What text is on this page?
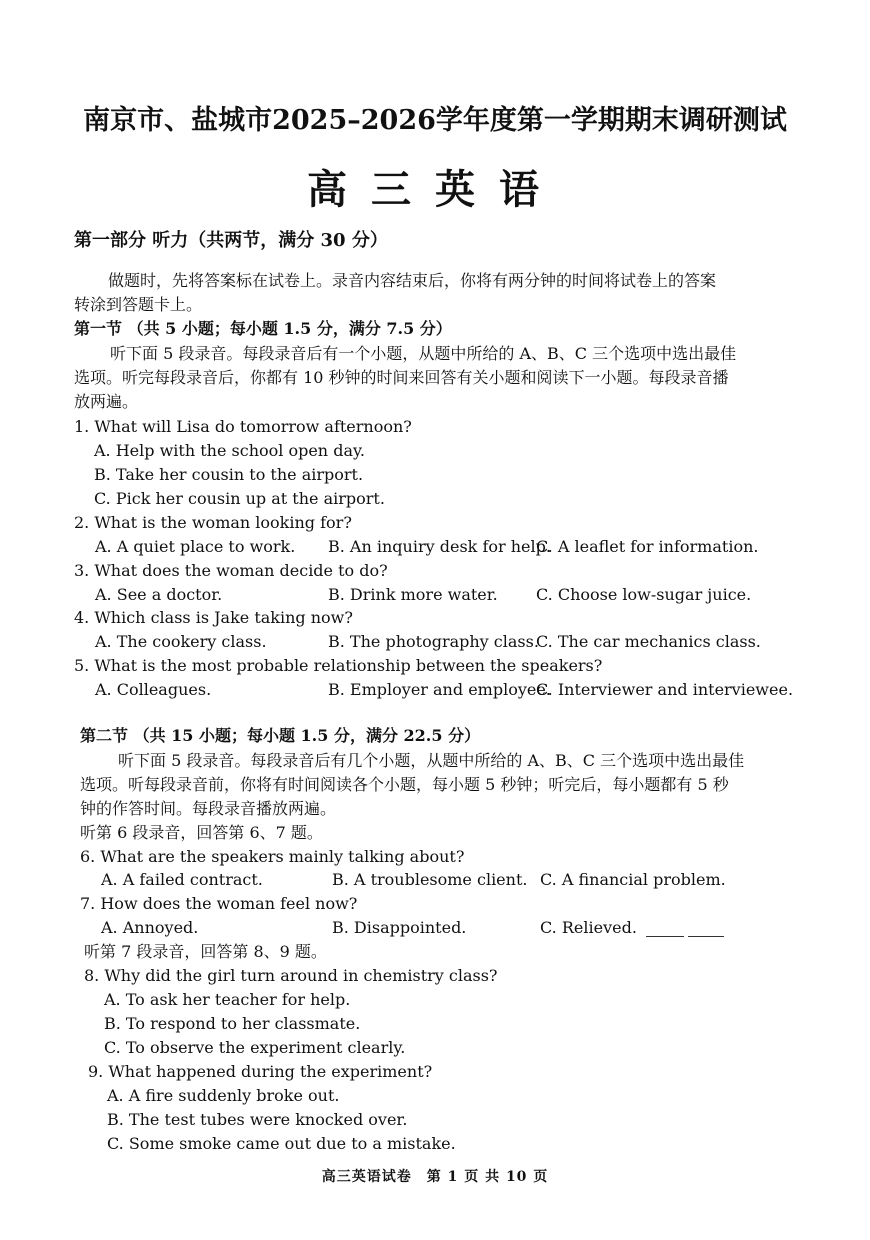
南京市、盐城市2025–2026学年度第一学期期末调研测试
高三英语
第一部分 听力（共两节，满分 30 分）
做题时，先将答案标在试卷上。录音内容结束后，你将有两分钟的时间将试卷上的答案
转涂到答题卡上。
第一节 （共 5 小题；每小题 1.5 分，满分 7.5 分）
听下面 5 段录音。每段录音后有一个小题，从题中所给的 A、B、C 三个选项中选出最佳
选项。听完每段录音后，你都有 10 秒钟的时间来回答有关小题和阅读下一小题。每段录音播
放两遍。
1. What will Lisa do tomorrow afternoon?
A. Help with the school open day.
B. Take her cousin to the airport.
C. Pick her cousin up at the airport.
2. What is the woman looking for?
A. A quiet place to work. B. An inquiry desk for help.
C. A leaflet for information.
3. What does the woman decide to do?
A. See a doctor.	B. Drink more water. C. Choose low-sugar juice.
4. Which class is Jake taking now?
A. The cookery class.	B. The photography class.
C. The car mechanics class.
5. What is the most probable relationship between the speakers?
A. Colleagues.	B. Employer and employee.
C. Interviewer and interviewee.
第二节 （共 15 小题；每小题 1.5 分，满分 22.5 分）
听下面 5 段录音。每段录音后有几个小题，从题中所给的 A、B、C 三个选项中选出最佳
选项。听每段录音前，你将有时间阅读各个小题，每小题 5 秒钟；听完后，每小题都有 5 秒
钟的作答时间。每段录音播放两遍。
听第 6 段录音，回答第 6、7 题。
6. What are the speakers mainly talking about?
A. A failed contract.	B. A troublesome client. C. A financial problem.
7. How does the woman feel now?
A. Annoyed.	B. Disappointed.	C. Relieved.
听第 7 段录音，回答第 8、9 题。
8. Why did the girl turn around in chemistry class?
A. To ask her teacher for help.
B. To respond to her classmate.
C. To observe the experiment clearly.
9. What happened during the experiment?
A. A fire suddenly broke out.
B. The test tubes were knocked over.
C. Some smoke came out due to a mistake.
高三英语试卷　第 1 页 共 10 页
